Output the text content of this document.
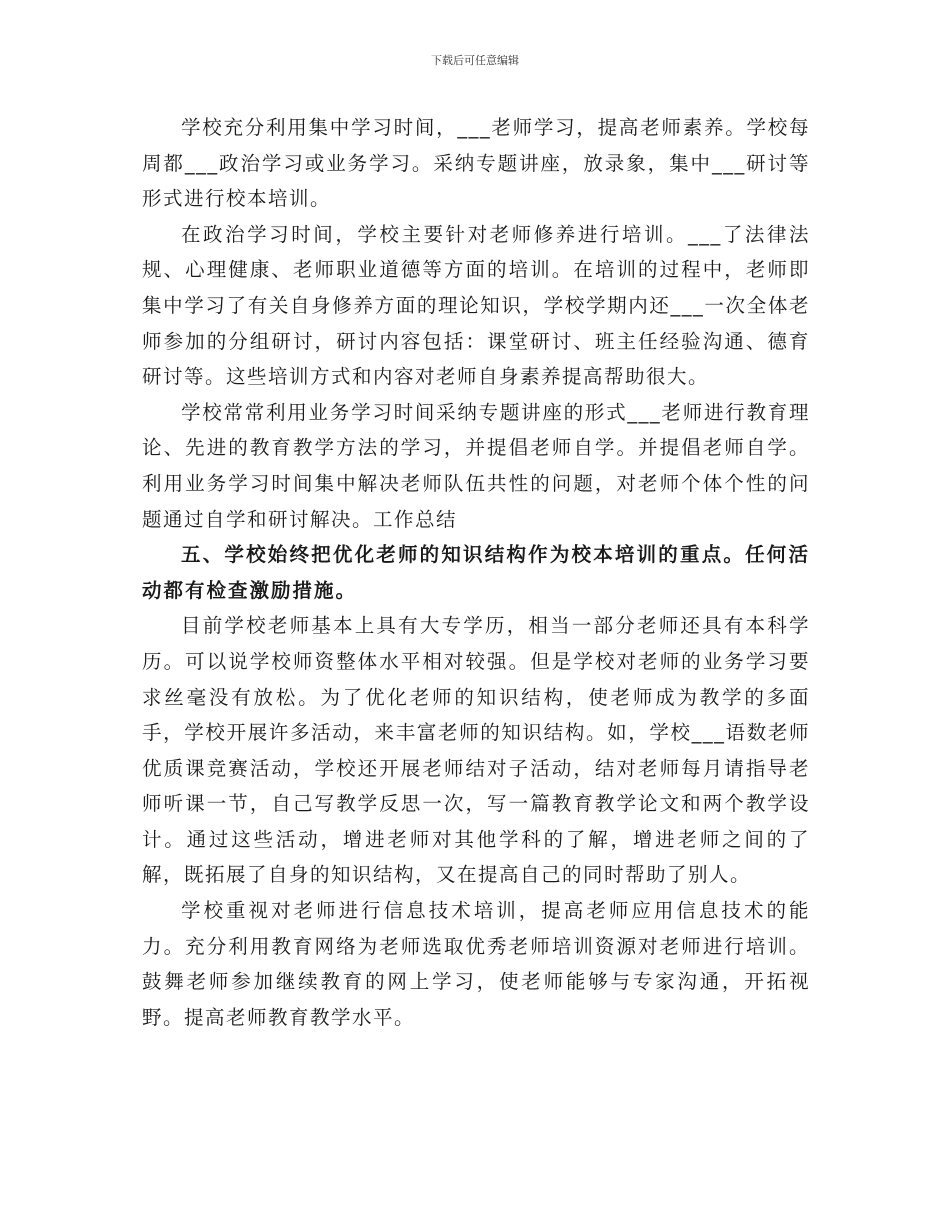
下载后可任意编辑

学校充分利用集中学习时间，___老师学习，提高老师素养。学校每周都___政治学习或业务学习。采纳专题讲座，放录象，集中___研讨等形式进行校本培训。

在政治学习时间，学校主要针对老师修养进行培训。___了法律法规、心理健康、老师职业道德等方面的培训。在培训的过程中，老师即集中学习了有关自身修养方面的理论知识，学校学期内还___一次全体老师参加的分组研讨，研讨内容包括：课堂研讨、班主任经验沟通、德育研讨等。这些培训方式和内容对老师自身素养提高帮助很大。

学校常常利用业务学习时间采纳专题讲座的形式___老师进行教育理论、先进的教育教学方法的学习，并提倡老师自学。并提倡老师自学。利用业务学习时间集中解决老师队伍共性的问题，对老师个体个性的问题通过自学和研讨解决。工作总结

五、学校始终把优化老师的知识结构作为校本培训的重点。任何活动都有检查激励措施。

目前学校老师基本上具有大专学历，相当一部分老师还具有本科学历。可以说学校师资整体水平相对较强。但是学校对老师的业务学习要求丝毫没有放松。为了优化老师的知识结构，使老师成为教学的多面手，学校开展许多活动，来丰富老师的知识结构。如，学校___语数老师优质课竞赛活动，学校还开展老师结对子活动，结对老师每月请指导老师听课一节，自己写教学反思一次，写一篇教育教学论文和两个教学设计。通过这些活动，增进老师对其他学科的了解，增进老师之间的了解，既拓展了自身的知识结构，又在提高自己的同时帮助了别人。

学校重视对老师进行信息技术培训，提高老师应用信息技术的能力。充分利用教育网络为老师选取优秀老师培训资源对老师进行培训。鼓舞老师参加继续教育的网上学习，使老师能够与专家沟通，开拓视野。提高老师教育教学水平。
